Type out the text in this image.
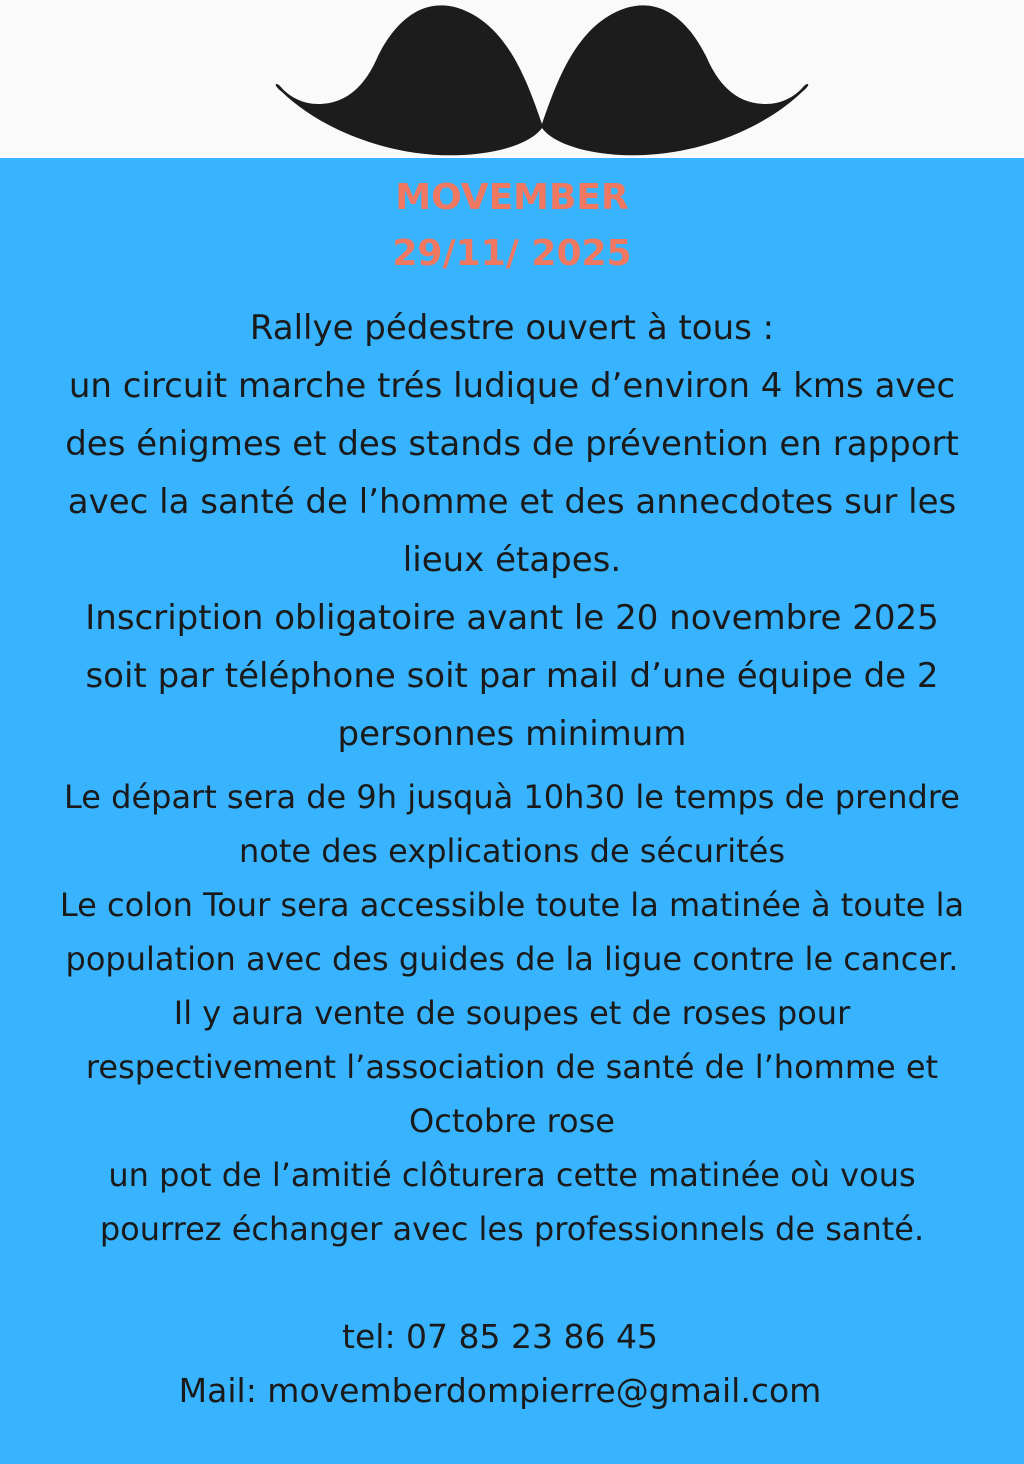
MOVEMBER
29/11/ 2025
Rallye pédestre ouvert à tous :
un circuit marche trés ludique d’environ 4 kms avec
des énigmes et des stands de prévention en rapport
avec la santé de l’homme et des annecdotes sur les
lieux étapes.
Inscription obligatoire avant le 20 novembre 2025
soit par téléphone soit par mail d’une équipe de 2
personnes minimum
Le départ sera de 9h jusquà 10h30 le temps de prendre
note des explications de sécurités
Le colon Tour sera accessible toute la matinée à toute la
population avec des guides de la ligue contre le cancer.
Il y aura vente de soupes et de roses pour
respectivement l’association de santé de l’homme et
Octobre rose
un pot de l’amitié clôturera cette matinée où vous
pourrez échanger avec les professionnels de santé.
tel: 07 85 23 86 45
Mail: movemberdompierre@gmail.com
